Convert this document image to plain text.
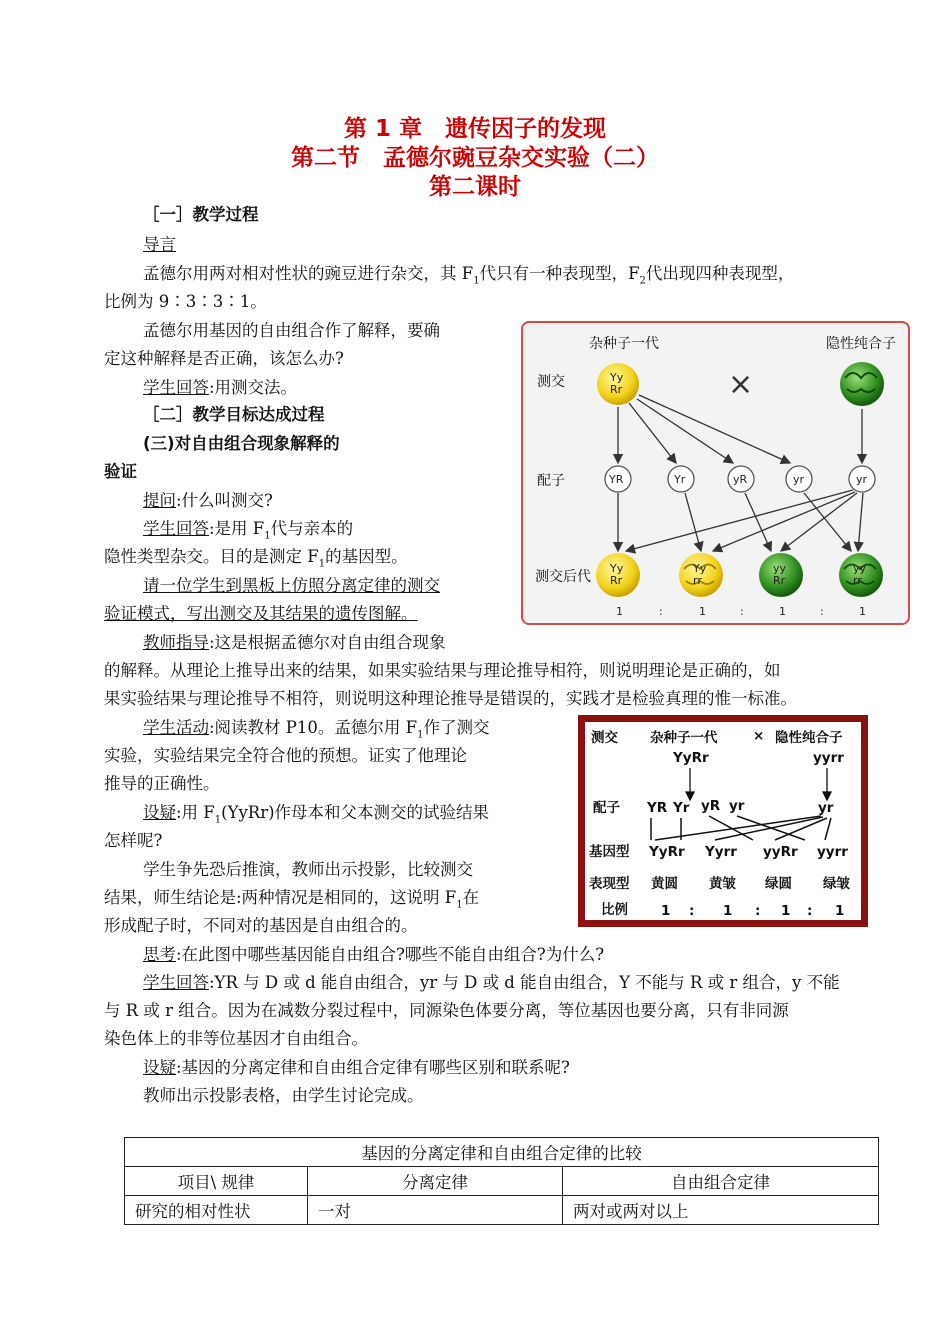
第 1 章　遗传因子的发现
第二节　孟德尔豌豆杂交实验（二）
第二课时
［一］教学过程
导言
孟德尔用两对相对性状的豌豆进行杂交，其 $F_1$代只有一种表现型，$F_2$代出现四种表现型，
比例为 9∶3∶3∶1。
孟德尔用基因的自由组合作了解释，要确
定这种解释是否正确，该怎么办?
学生回答:用测交法。
［二］教学目标达成过程
(三)对自由组合现象解释的
验证
提问:什么叫测交?
学生回答:是用 $F_1$代与亲本的
隐性类型杂交。目的是测定 $F_1$的基因型。
请一位学生到黑板上仿照分离定律的测交
验证模式，写出测交及其结果的遗传图解。
教师指导:这是根据孟德尔对自由组合现象
的解释。从理论上推导出来的结果，如果实验结果与理论推导相符，则说明理论是正确的，如
果实验结果与理论推导不相符，则说明这种理论推导是错误的，实践才是检验真理的惟一标准。
学生活动:阅读教材 P10。孟德尔用 $F_1$作了测交
实验，实验结果完全符合他的预想。证实了他理论
推导的正确性。
设疑:用 $F_1(YyRr)$作母本和父本测交的试验结果
怎样呢?
学生争先恐后推演，教师出示投影，比较测交
结果，师生结论是:两种情况是相同的，这说明 $F_1$在
形成配子时，不同对的基因是自由组合的。
思考:在此图中哪些基因能自由组合?哪些不能自由组合?为什么?
学生回答:YR 与 D 或 d 能自由组合，yr 与 D 或 d 能自由组合，Y 不能与 R 或 r 组合，y 不能
与 R 或 r 组合。因为在减数分裂过程中，同源染色体要分离，等位基因也要分离，只有非同源
染色体上的非等位基因才自由组合。
设疑:基因的分离定律和自由组合定律有哪些区别和联系呢?
教师出示投影表格，由学生讨论完成。
杂种子一代	隐性纯合子
测交
配子
测交后代
Yy
Rr	×
YR	Yr	yR	yr	yr
Yy
Rr
Yy
rr
yy
Rr
yy
rr
1	:	1	:	1	:	1
测交 杂种子一代	× 隐性纯合子
YyRr	yyrr
配子 YR Yr yR yr	yr
基因型 YyRr Yyrr yyRr yyrr
表现型 黄圆 黄皱 绿圆 绿皱
比例 1 : 1 : 1 : 1
基因的分离定律和自由组合定律的比较		
项目\ 规律	分离定律	自由组合定律
研究的相对性状	一对	两对或两对以上
